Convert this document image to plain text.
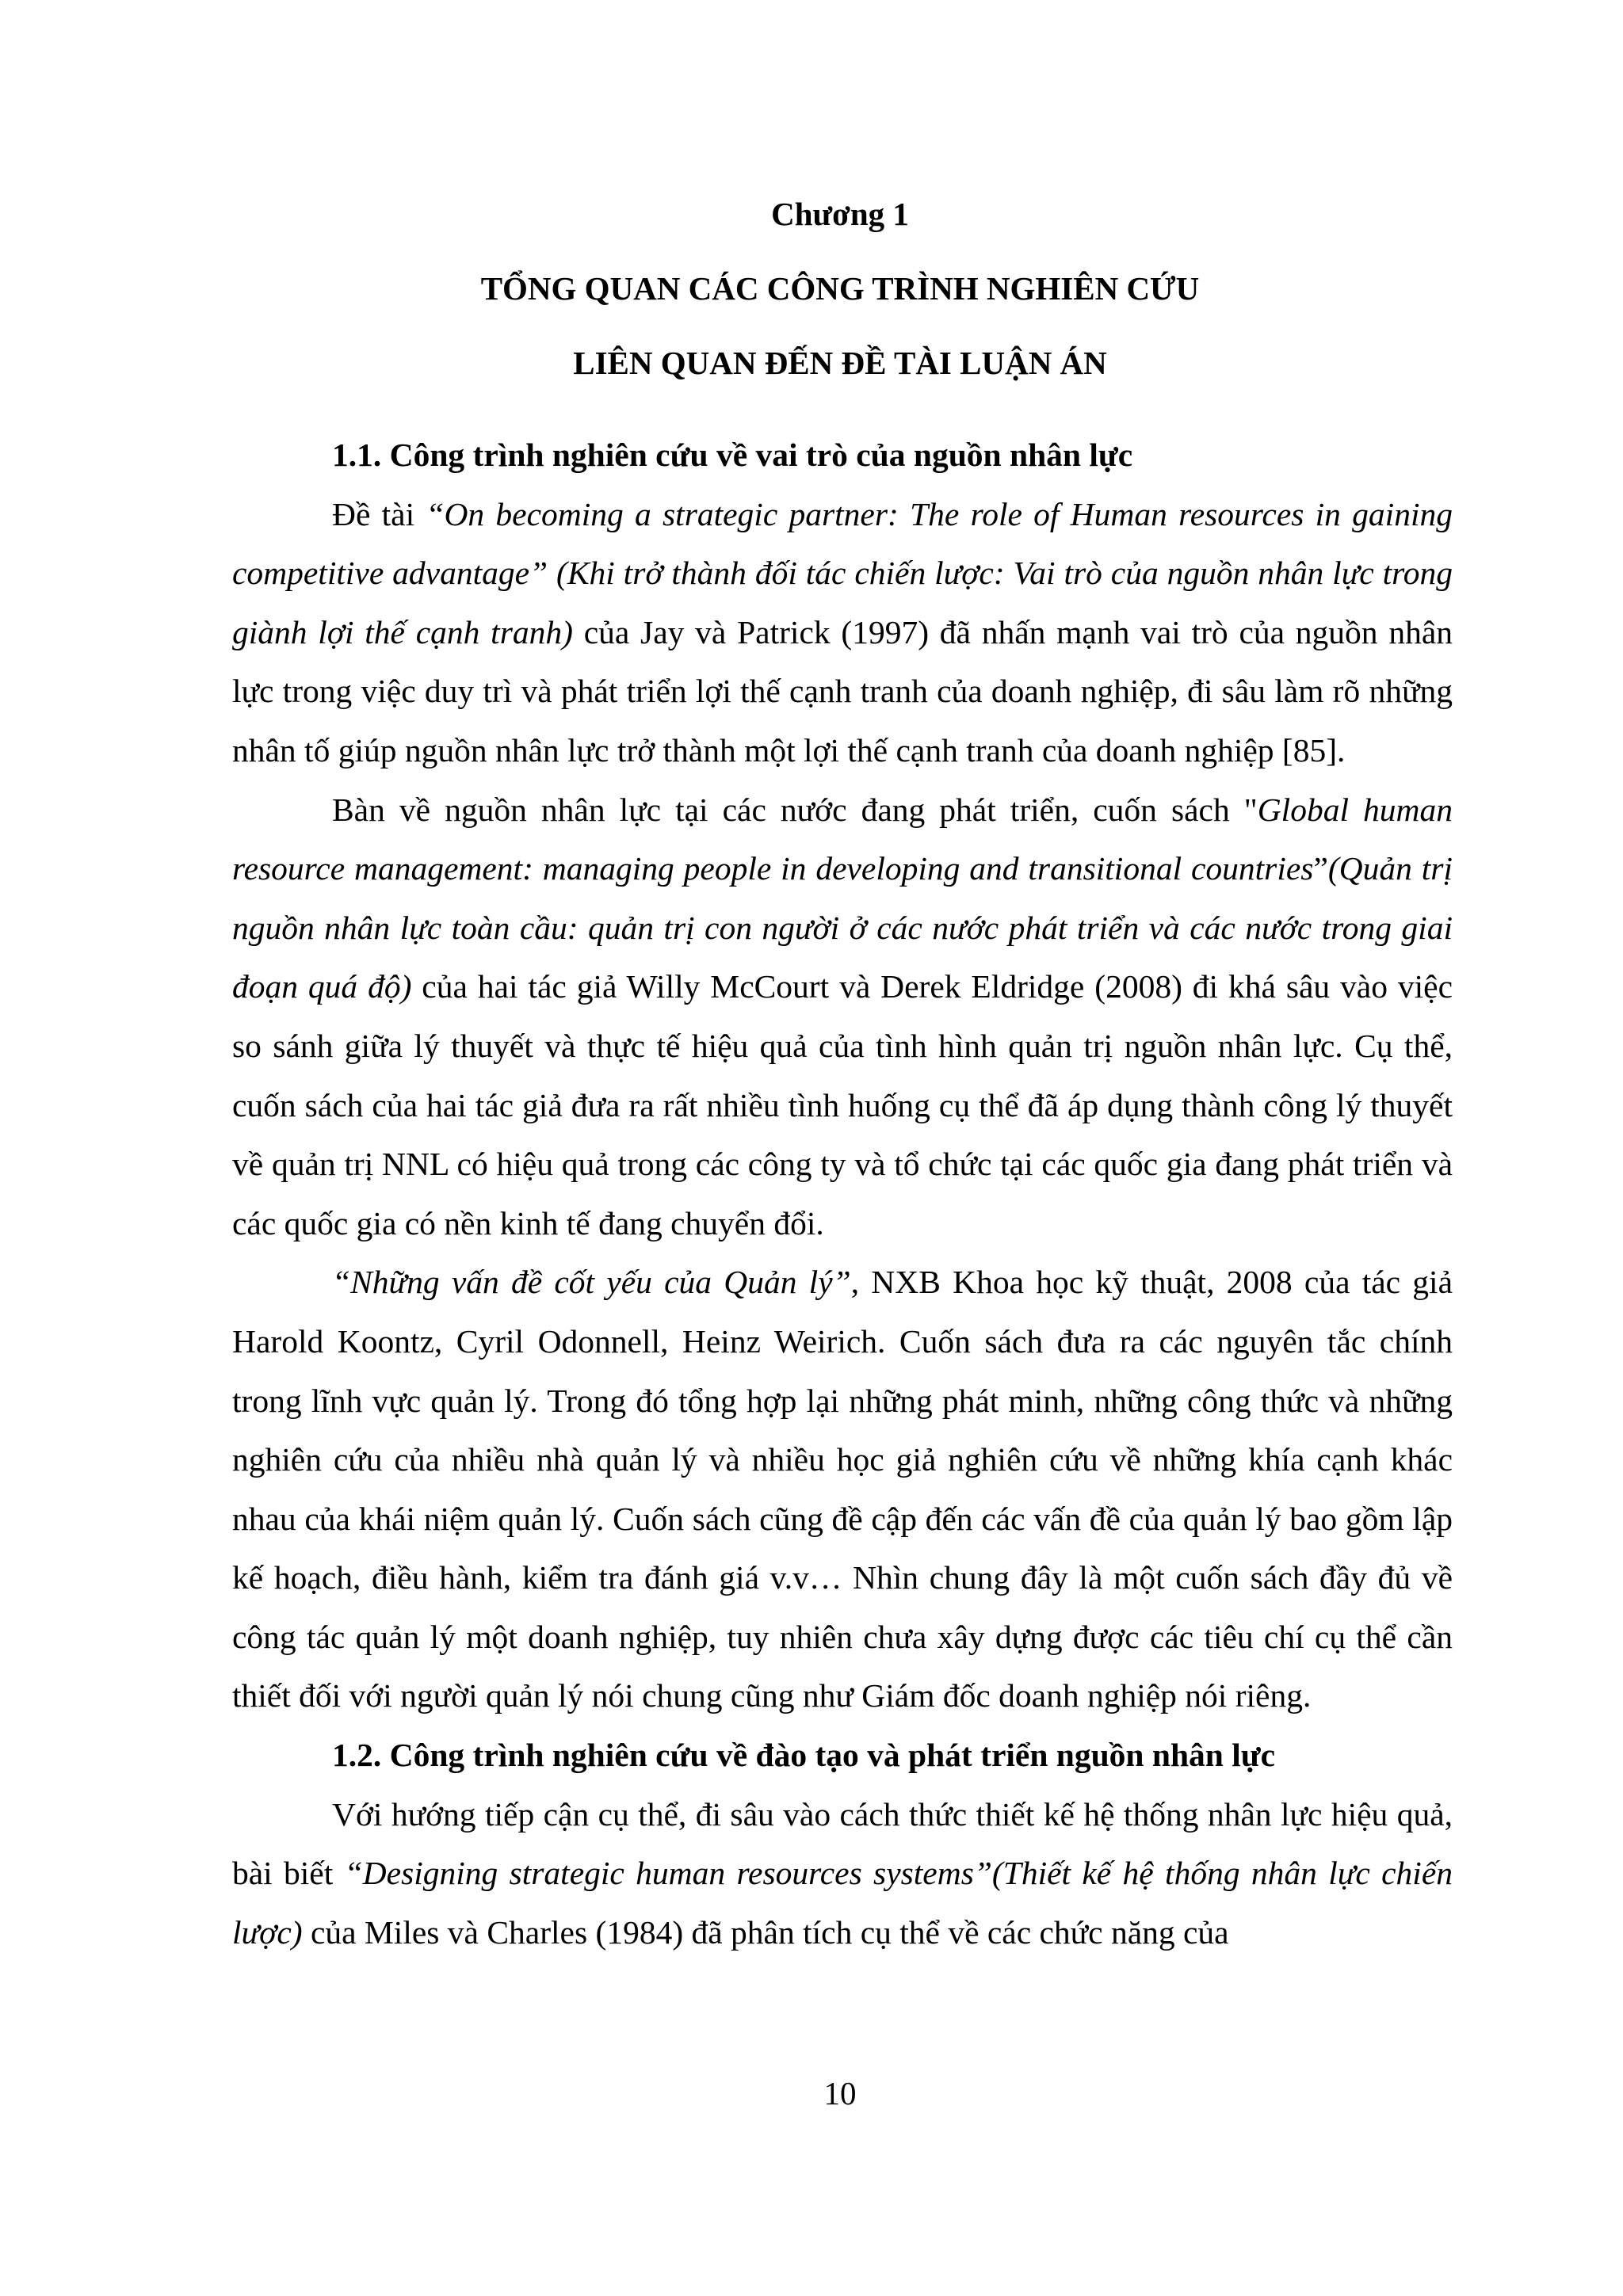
Chương 1
TỔNG QUAN CÁC CÔNG TRÌNH NGHIÊN CỨU
LIÊN QUAN ĐẾN ĐỀ TÀI LUẬN ÁN
1.1. Công trình nghiên cứu về vai trò của nguồn nhân lực

Đề tài “On becoming a strategic partner: The role of Human resources in gaining competitive advantage” (Khi trở thành đối tác chiến lược: Vai trò của nguồn nhân lực trong giành lợi thế cạnh tranh) của Jay và Patrick (1997) đã nhấn mạnh vai trò của nguồn nhân lực trong việc duy trì và phát triển lợi thế cạnh tranh của doanh nghiệp, đi sâu làm rõ những nhân tố giúp nguồn nhân lực trở thành một lợi thế cạnh tranh của doanh nghiệp [85].

Bàn về nguồn nhân lực tại các nước đang phát triển, cuốn sách "Global human resource management: managing people in developing and transitional countries”(Quản trị nguồn nhân lực toàn cầu: quản trị con người ở các nước phát triển và các nước trong giai đoạn quá độ) của hai tác giả Willy McCourt và Derek Eldridge (2008) đi khá sâu vào việc so sánh giữa lý thuyết và thực tế hiệu quả của tình hình quản trị nguồn nhân lực. Cụ thể, cuốn sách của hai tác giả đưa ra rất nhiều tình huống cụ thể đã áp dụng thành công lý thuyết về quản trị NNL có hiệu quả trong các công ty và tổ chức tại các quốc gia đang phát triển và các quốc gia có nền kinh tế đang chuyển đổi.

“Những vấn đề cốt yếu của Quản lý”, NXB Khoa học kỹ thuật, 2008 của tác giả Harold Koontz, Cyril Odonnell, Heinz Weirich. Cuốn sách đưa ra các nguyên tắc chính trong lĩnh vực quản lý. Trong đó tổng hợp lại những phát minh, những công thức và những nghiên cứu của nhiều nhà quản lý và nhiều học giả nghiên cứu về những khía cạnh khác nhau của khái niệm quản lý. Cuốn sách cũng đề cập đến các vấn đề của quản lý bao gồm lập kế hoạch, điều hành, kiểm tra đánh giá v.v… Nhìn chung đây là một cuốn sách đầy đủ về công tác quản lý một doanh nghiệp, tuy nhiên chưa xây dựng được các tiêu chí cụ thể cần thiết đối với người quản lý nói chung cũng như Giám đốc doanh nghiệp nói riêng.

1.2. Công trình nghiên cứu về đào tạo và phát triển nguồn nhân lực

Với hướng tiếp cận cụ thể, đi sâu vào cách thức thiết kế hệ thống nhân lực hiệu quả, bài biết “Designing strategic human resources systems”(Thiết kế hệ thống nhân lực chiến lược) của Miles và Charles (1984) đã phân tích cụ thể về các chức năng của

10
